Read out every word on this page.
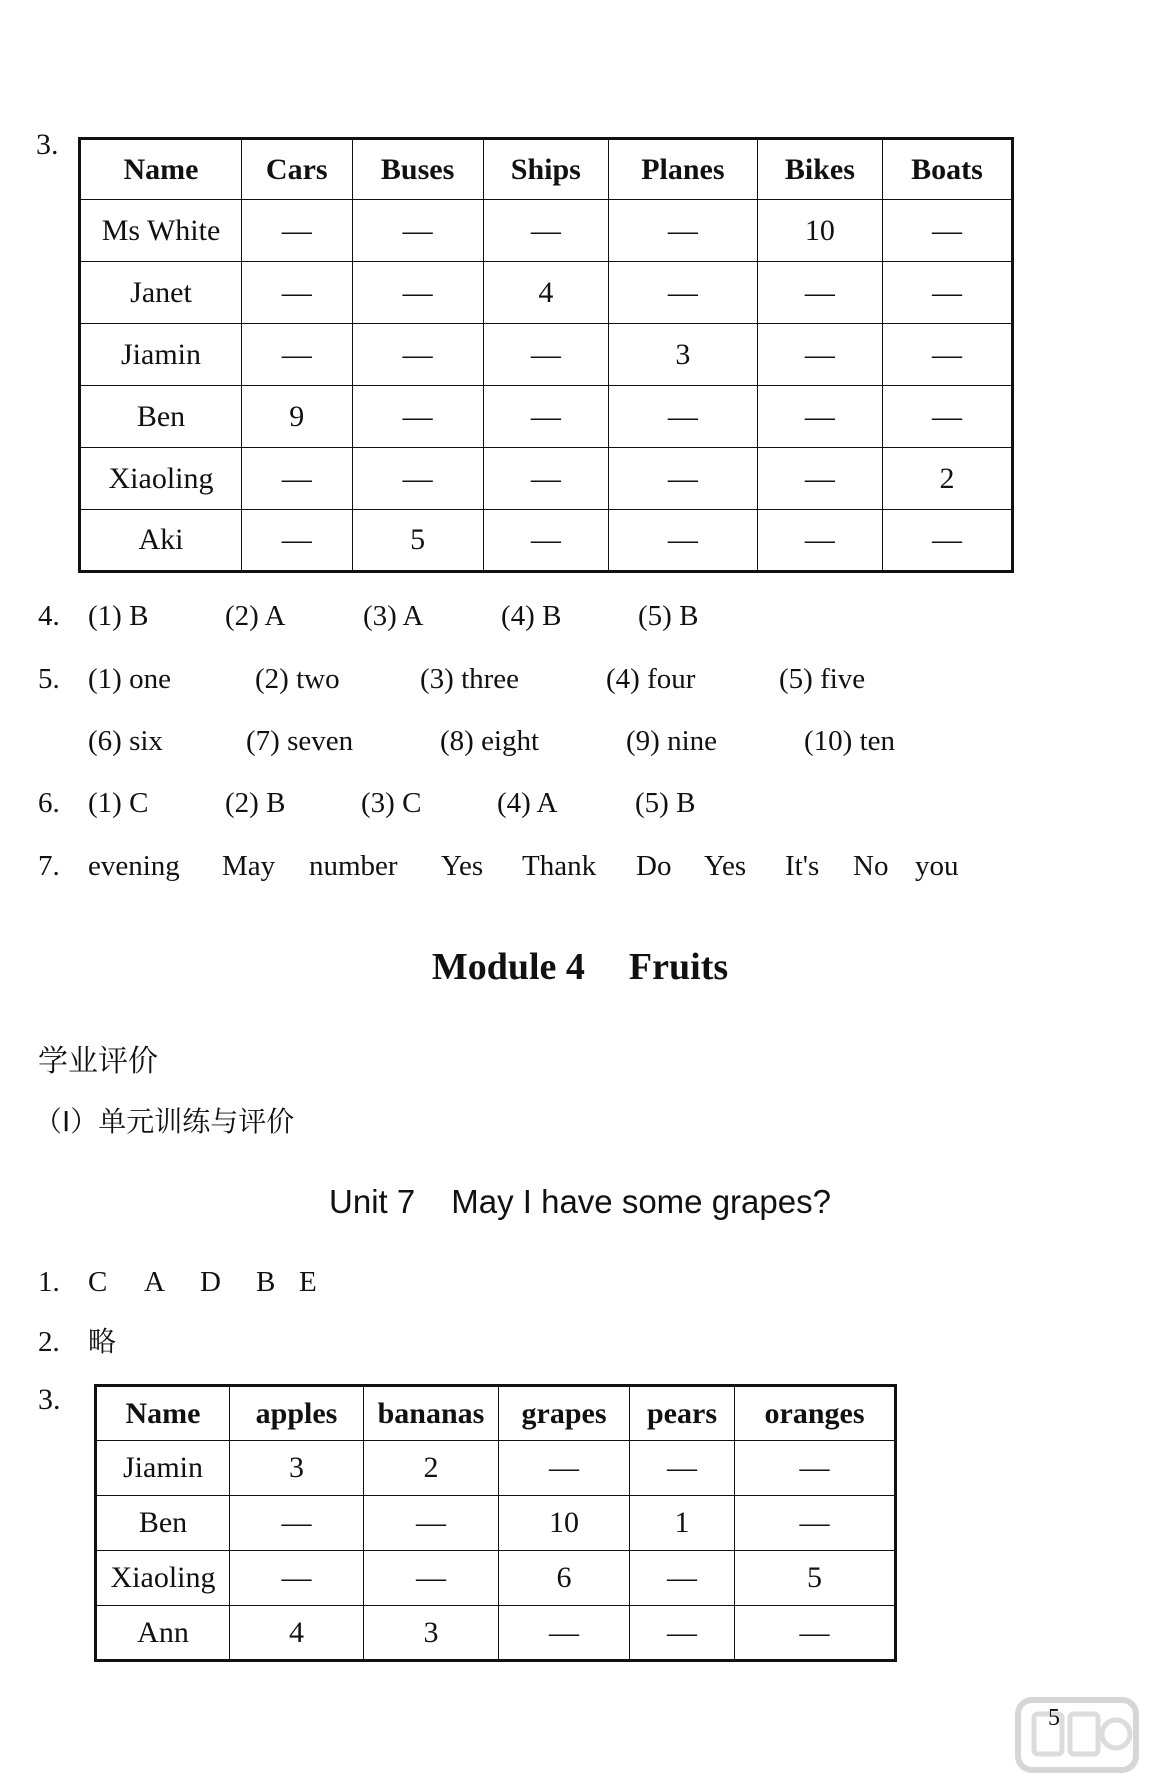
3.
Name	Cars	Buses	Ships	Planes	Bikes	Boats
Ms White	—	—	—	—	10	—
Janet	—	—	4	—	—	—
Jiamin	—	—	—	3	—	—
Ben	9	—	—	—	—	—
Xiaoling	—	—	—	—	—	2
Aki	—	5	—	—	—	—
4. (1) B	(2) A	(3) A	(4) B	(5) B
5. (1) one	(2) two	(3) three	(4) four	(5) five
(6) six	(7) seven	(8) eight	(9) nine	(10) ten
6. (1) C	(2) B	(3) C	(4) A	(5) B
7. evening May number Yes Thank Do Yes It's No you
Module 4 Fruits
学业评价
（Ⅰ）单元训练与评价
Unit 7 May I have some grapes?
1. C A D B E
2. 略
3. Name	apples	bananas	grapes	pears	oranges
Jiamin	3	2	—	—	—
Ben	—	—	10	1	—
Xiaoling	—	—	6	—	5
Ann	4	3	—	—	—
5
